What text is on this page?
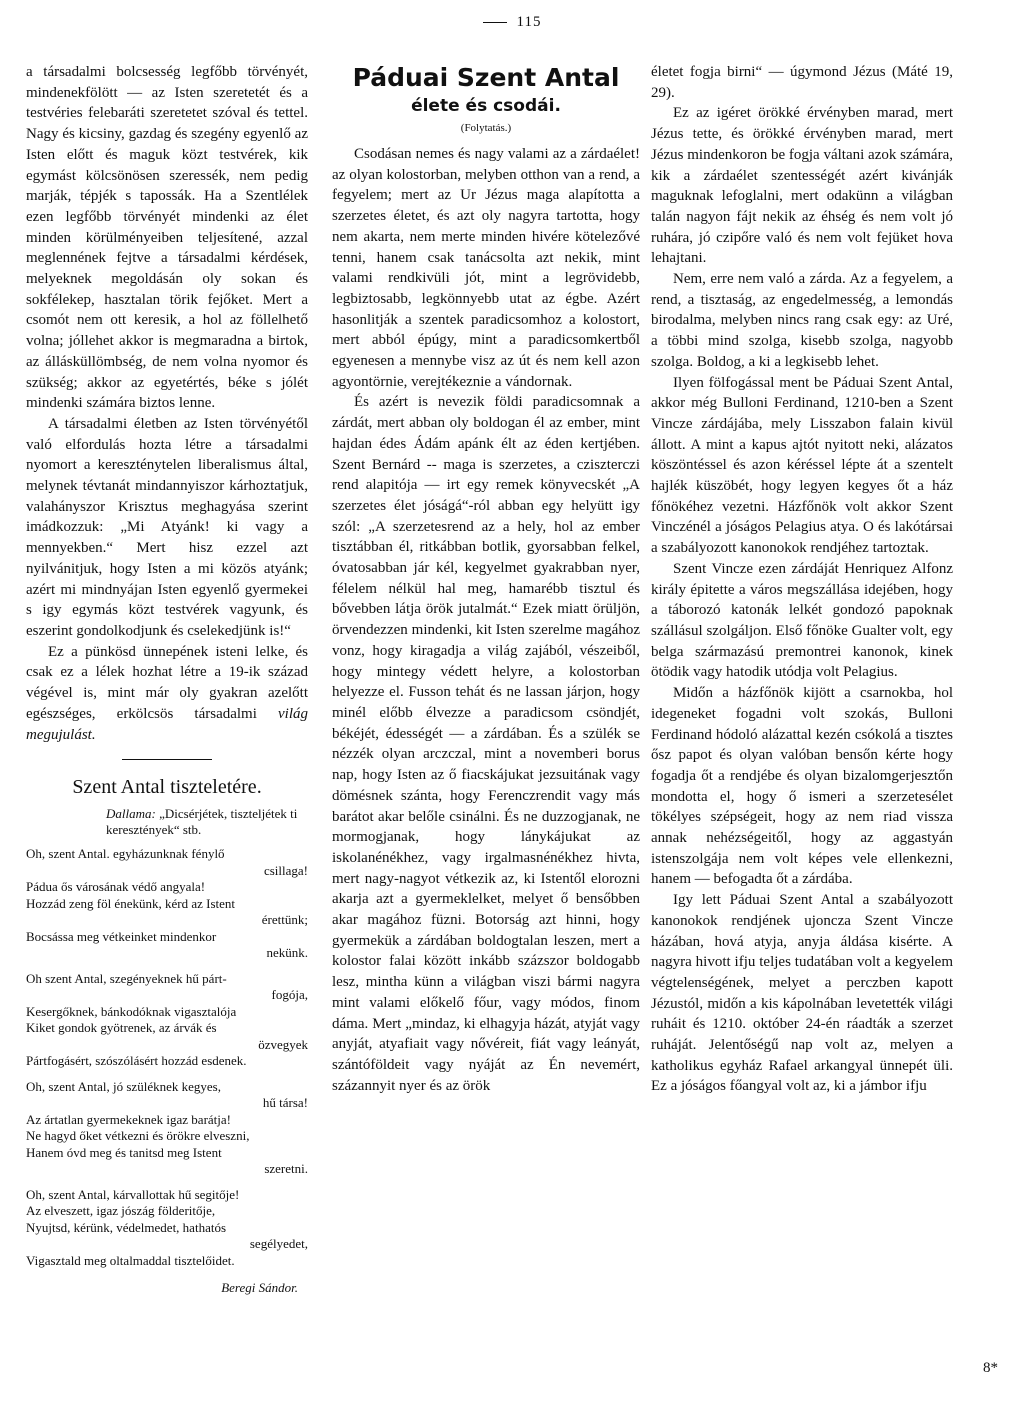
115

a társadalmi bolcsesség legfőbb törvényét, mindenekfölött — az Isten szeretetét és a testvéries felebaráti szeretetet szóval és tettel. Nagy és kicsiny, gazdag és szegény egyenlő az Isten előtt és maguk közt testvérek, kik egymást kölcsönösen szeressék, nem pedig marják, tépjék s tapossák. Ha a Szentlélek ezen legfőbb törvényét mindenki az élet minden körülményeiben teljesítené, azzal meglennének fejtve a társadalmi kérdések, melyeknek megoldásán oly sokan és sokfélekep, hasztalan törik fejőket. Mert a csomót nem ott keresik, a hol az föllelhető volna; jóllehet akkor is megmaradna a birtok, az állásküllömbség, de nem volna nyomor és szükség; akkor az egyetértés, béke s jólét mindenki számára biztos lenne.

A társadalmi életben az Isten törvényétől való elfordulás hozta létre a társadalmi nyomort a kereszténytelen liberalismus által, melynek tévtanát mindannyiszor kárhoztatjuk, valahányszor Krisztus meghagyása szerint imádkozzuk: „Mi Atyánk! ki vagy a mennyekben.“ Mert hisz ezzel azt nyilvánitjuk, hogy Isten a mi közös atyánk; azért mi mindnyájan Isten egyenlő gyermekei s igy egymás közt testvérek vagyunk, és eszerint gondolkodjunk és cselekedjünk is!“

Ez a pünkösd ünnepének isteni lelke, és csak ez a lélek hozhat létre a 19-ik század végével is, mint már oly gyakran azelőtt egészséges, erkölcsös társadalmi világ megujulást.

Szent Antal tiszteletére.
Dallama: „Dicsérjétek, tiszteljétek ti keresztények“ stb.
Oh, szent Antal. egyházunknak fénylő
csillaga!
Pádua ős városának védő angyala!
Hozzád zeng föl énekünk, kérd az Istent
érettünk;
Bocsássa meg vétkeinket mindenkor
nekünk.
Oh szent Antal, szegényeknek hű párt-
fogója,
Kesergőknek, bánkodóknak vigasztalója
Kiket gondok gyötrenek, az árvák és
özvegyek
Pártfogásért, szószólásért hozzád esdenek.
Oh, szent Antal, jó szüléknek kegyes,
hű társa!
Az ártatlan gyermekeknek igaz barátja!
Ne hagyd őket vétkezni és örökre elveszni,
Hanem óvd meg és tanitsd meg Istent
szeretni.
Oh, szent Antal, kárvallottak hű segitője!
Az elveszett, igaz jószág földeritője,
Nyujtsd, kérünk, védelmedet, hathatós
segélyedet,
Vigasztald meg oltalmaddal tisztelőidet.
Beregi Sándor.
Páduai Szent Antal
élete és csodái.
(Folytatás.)

Csodásan nemes és nagy valami az a zárdaélet! az olyan kolostorban, melyben otthon van a rend, a fegyelem; mert az Ur Jézus maga alapította a szerzetes életet, és azt oly nagyra tartotta, hogy nem akarta, nem merte minden hivére kötelezővé tenni, hanem csak tanácsolta azt nekik, mint valami rendkivüli jót, mint a legrövidebb, legbiztosabb, legkönnyebb utat az égbe. Azért hasonlitják a szentek paradicsomhoz a kolostort, mert abból épúgy, mint a paradicsomkertből egyenesen a mennybe visz az út és nem kell azon agyontörnie, verejtékeznie a vándornak.

És azért is nevezik földi paradicsomnak a zárdát, mert abban oly boldogan él az ember, mint hajdan édes Ádám apánk élt az éden kertjében. Szent Bernárd -- maga is szerzetes, a cziszterczi rend alapitója — irt egy remek könyvecskét „A szerzetes élet jóságá“-ról abban egy helyütt igy szól: „A szerzetesrend az a hely, hol az ember tisztábban él, ritkábban botlik, gyorsabban felkel, óvatosabban jár kél, kegyelmet gyakrabban nyer, félelem nélkül hal meg, hamarébb tisztul és bővebben látja örök jutalmát.“ Ezek miatt örüljön, örvendezzen mindenki, kit Isten szerelme magához vonz, hogy kiragadja a világ zajából, vészeiből, hogy mintegy védett helyre, a kolostorban helyezze el. Fusson tehát és ne lassan járjon, hogy minél előbb élvezze a paradicsom csöndjét, békéjét, édességét — a zárdában. És a szülék se nézzék olyan arczczal, mint a novemberi borus nap, hogy Isten az ő fiacskájukat jezsuitának vagy dömésnek szánta, hogy Ferenczrendit vagy más barátot akar belőle csinálni. És ne duzzogjanak, ne mormogjanak, hogy lánykájukat az iskolanénékhez, vagy irgalmasnénékhez hivta, mert nagy-nagyot vétkezik az, ki Istentől elorozni akarja azt a gyermeklelket, melyet ő bensőbben akar magához füzni. Botorság azt hinni, hogy gyermekük a zárdában boldogtalan leszen, mert a kolostor falai között inkább százszor boldogabb lesz, mintha künn a világban viszi bármi nagyra mint valami előkelő főur, vagy módos, finom dáma. Mert „mindaz, ki elhagyja házát, atyját vagy anyját, atyafiait vagy nővéreit, fiát vagy leányát, szántóföldeit vagy nyáját az Én nevemért, százannyit nyer és az örök

életet fogja birni“ — úgymond Jézus (Máté 19, 29).

Ez az igéret örökké érvényben marad, mert Jézus tette, és örökké érvényben marad, mert Jézus mindenkoron be fogja váltani azok számára, kik a zárdaélet szentességét azért kivánják maguknak lefoglalni, mert odakünn a világban talán nagyon fájt nekik az éhség és nem volt jó ruhára, jó czipőre való és nem volt fejüket hova lehajtani.

Nem, erre nem való a zárda. Az a fegyelem, a rend, a tisztaság, az engedelmesség, a lemondás birodalma, melyben nincs rang csak egy: az Uré, a többi mind szolga, kisebb szolga, nagyobb szolga. Boldog, a ki a legkisebb lehet.

Ilyen fölfogással ment be Páduai Szent Antal, akkor még Bulloni Ferdinand, 1210-ben a Szent Vincze zárdájába, mely Lisszabon falain kivül állott. A mint a kapus ajtót nyitott neki, alázatos köszöntéssel és azon kéréssel lépte át a szentelt hajlék küszöbét, hogy legyen kegyes őt a ház főnökéhez vezetni. Házfőnök volt akkor Szent Vinczénél a jóságos Pelagius atya. O és lakótársai a szabályozott kanonokok rendjéhez tartoztak.

Szent Vincze ezen zárdáját Henriquez Alfonz király épitette a város megszállása idejében, hogy a táborozó katonák lelkét gondozó papoknak szállásul szolgáljon. Első főnöke Gualter volt, egy belga származású premontrei kanonok, kinek ötödik vagy hatodik utódja volt Pelagius.

Midőn a házfőnök kijött a csarnokba, hol idegeneket fogadni volt szokás, Bulloni Ferdinand hódoló alázattal kezén csókolá a tisztes ősz papot és olyan valóban bensőn kérte hogy fogadja őt a rendjébe és olyan bizalomgerjesztőn mondotta el, hogy ő ismeri a szerzetesélet tökélyes szépségeit, hogy az nem riad vissza annak nehézségeitől, hogy az aggastyán istenszolgája nem volt képes vele ellenkezni, hanem — befogadta őt a zárdába.

Igy lett Páduai Szent Antal a szabályozott kanonokok rendjének ujoncza Szent Vincze házában, hová atyja, anyja áldása kisérte. A nagyra hivott ifju teljes tudatában volt a kegyelem végtelenségének, melyet a perczben kapott Jézustól, midőn a kis kápolnában levetették világi ruháit és 1210. október 24-én ráadták a szerzet ruháját. Jelentőségű nap volt az, melyen a katholikus egyház Rafael arkangyal ünnepét üli. Ez a jóságos főangyal volt az, ki a jámbor ifju

8*
